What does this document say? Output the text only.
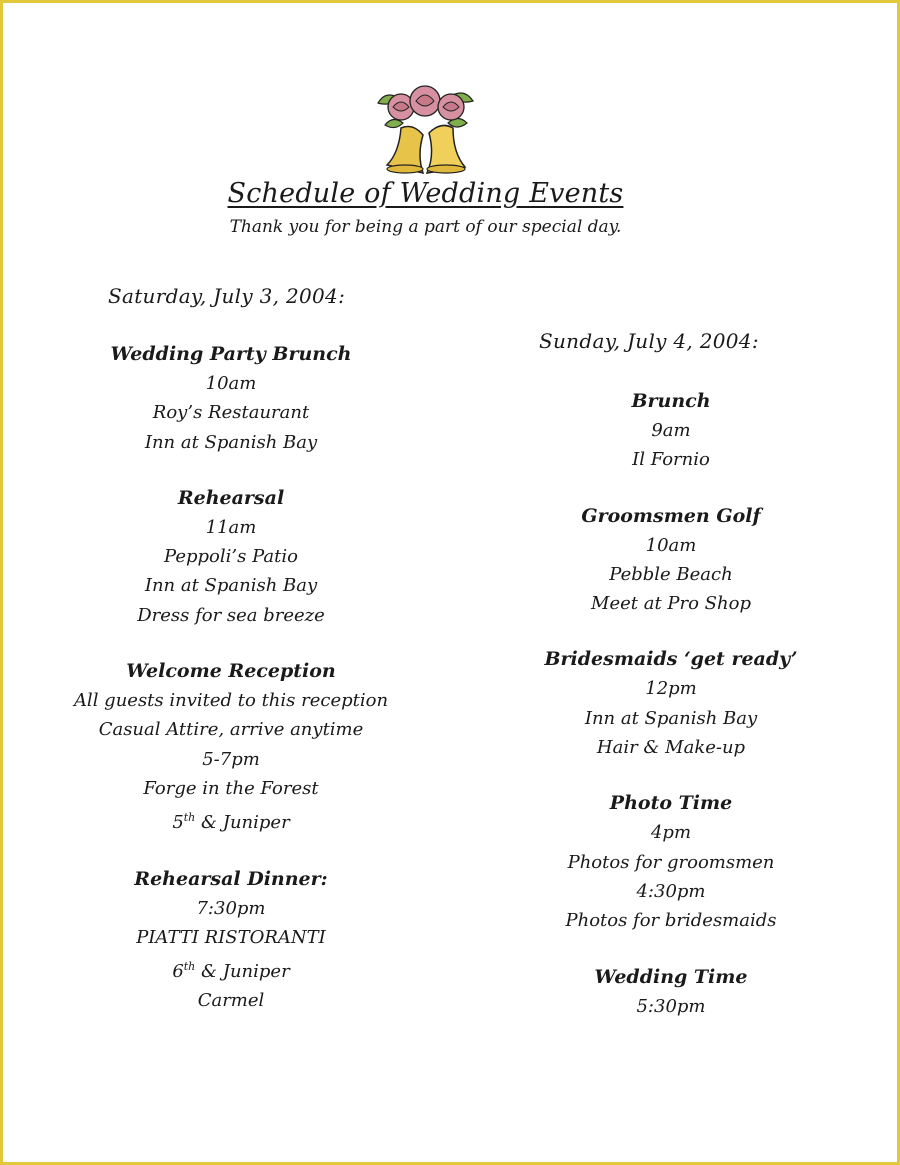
Schedule of Wedding Events
Thank you for being a part of our special day.
Saturday, July 3, 2004:
Sunday, July 4, 2004:
Wedding Party Brunch
10am
Roy’s Restaurant
Inn at Spanish Bay
Rehearsal
11am
Peppoli’s Patio
Inn at Spanish Bay
Dress for sea breeze
Welcome Reception
All guests invited to this reception
Casual Attire, arrive anytime
5-7pm
Forge in the Forest
5th & Juniper
Rehearsal Dinner:
7:30pm
PIATTI RISTORANTI
6th & Juniper
Carmel
Brunch
9am
Il Fornio
Groomsmen Golf
10am
Pebble Beach
Meet at Pro Shop
Bridesmaids ‘get ready’
12pm
Inn at Spanish Bay
Hair & Make-up
Photo Time
4pm
Photos for groomsmen
4:30pm
Photos for bridesmaids
Wedding Time
5:30pm
